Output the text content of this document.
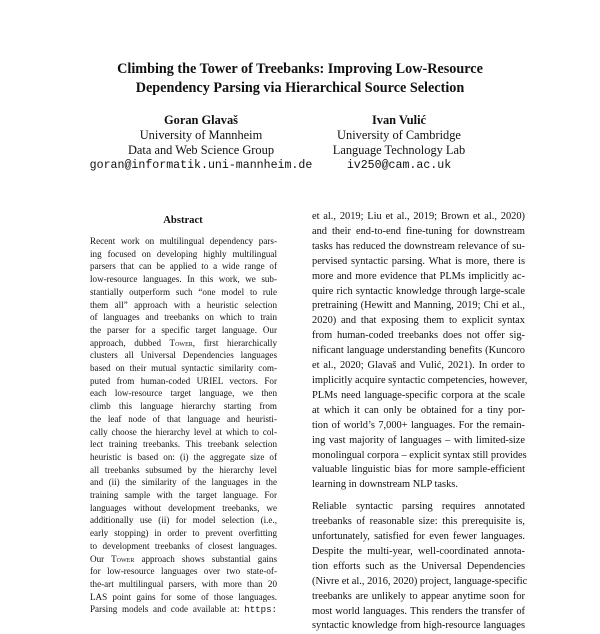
Climbing the Tower of Treebanks: Improving Low-Resource
Dependency Parsing via Hierarchical Source Selection
Goran Glavaš
University of Mannheim
Data and Web Science Group
goran@informatik.uni-mannheim.de
Ivan Vulić
University of Cambridge
Language Technology Lab
iv250@cam.ac.uk
Abstract
Recent work on multilingual dependency pars-
ing focused on developing highly multilingual
parsers that can be applied to a wide range of
low-resource languages. In this work, we sub-
stantially outperform such “one model to rule
them all” approach with a heuristic selection
of languages and treebanks on which to train
the parser for a specific target language. Our
approach, dubbed Tower, first hierarchically
clusters all Universal Dependencies languages
based on their mutual syntactic similarity com-
puted from human-coded URIEL vectors. For
each low-resource target language, we then
climb this language hierarchy starting from
the leaf node of that language and heuristi-
cally choose the hierarchy level at which to col-
lect training treebanks. This treebank selection
heuristic is based on: (i) the aggregate size of
all treebanks subsumed by the hierarchy level
and (ii) the similarity of the languages in the
training sample with the target language. For
languages without development treebanks, we
additionally use (ii) for model selection (i.e.,
early stopping) in order to prevent overfitting
to development treebanks of closest languages.
Our Tower approach shows substantial gains
for low-resource languages over two state-of-
the-art multilingual parsers, with more than 20
LAS point gains for some of those languages.
Parsing models and code available at: https:
et al., 2019; Liu et al., 2019; Brown et al., 2020)
and their end-to-end fine-tuning for downstream
tasks has reduced the downstream relevance of su-
pervised syntactic parsing. What is more, there is
more and more evidence that PLMs implicitly ac-
quire rich syntactic knowledge through large-scale
pretraining (Hewitt and Manning, 2019; Chi et al.,
2020) and that exposing them to explicit syntax
from human-coded treebanks does not offer sig-
nificant language understanding benefits (Kuncoro
et al., 2020; Glavaš and Vulić, 2021). In order to
implicitly acquire syntactic competencies, however,
PLMs need language-specific corpora at the scale
at which it can only be obtained for a tiny por-
tion of world’s 7,000+ languages. For the remain-
ing vast majority of languages – with limited-size
monolingual corpora – explicit syntax still provides
valuable linguistic bias for more sample-efficient
learning in downstream NLP tasks.
Reliable syntactic parsing requires annotated
treebanks of reasonable size: this prerequisite is,
unfortunately, satisfied for even fewer languages.
Despite the multi-year, well-coordinated annota-
tion efforts such as the Universal Dependencies
(Nivre et al., 2016, 2020) project, language-specific
treebanks are unlikely to appear anytime soon for
most world languages. This renders the transfer of
syntactic knowledge from high-resource languages
